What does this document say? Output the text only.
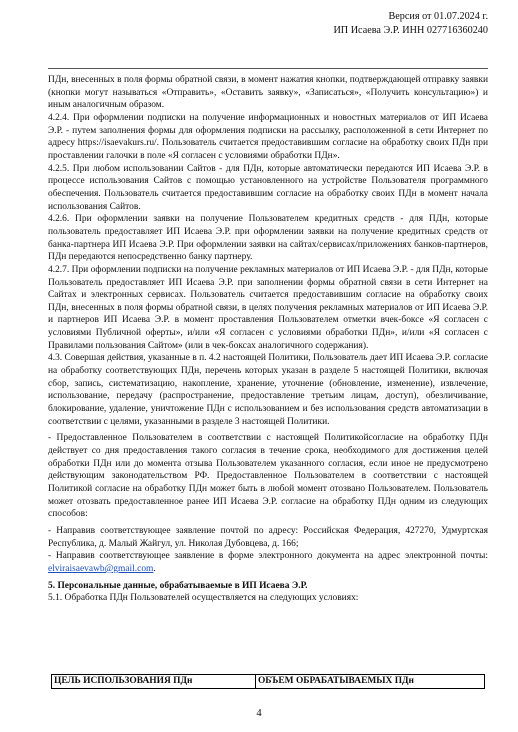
Версия от 01.07.2024 г.
ИП Исаева Э.Р. ИНН 027716360240

ПДн, внесенных в поля формы обратной связи, в момент нажатия кнопки, подтверждающей отправку заявки (кнопки могут называться «Отправить», «Оставить заявку», «Записаться», «Получить консультацию») и иным аналогичным образом.

4.2.4. При оформлении подписки на получение информационных и новостных материалов от ИП Исаева Э.Р. - путем заполнения формы для оформления подписки на рассылку, расположенной в сети Интернет по адресу https://isaevakurs.ru/. Пользователь считается предоставившим согласие на обработку своих ПДн при проставлении галочки в поле «Я согласен с условиями обработки ПДн».

4.2.5. При любом использовании Сайтов - для ПДн, которые автоматически передаются ИП Исаева Э.Р. в процессе использования Сайтов с помощью установленного на устройстве Пользователя программного обеспечения. Пользователь считается предоставившим согласие на обработку своих ПДн в момент начала использования Сайтов.

4.2.6. При оформлении заявки на получение Пользователем кредитных средств - для ПДн, которые пользователь предоставляет ИП Исаева Э.Р. при оформлении заявки на получение кредитных средств от банка-партнера ИП Исаева Э.Р. При оформлении заявки на сайтах/сервисах/приложениях банков-партнеров, ПДн передаются непосредственно банку партнеру.

4.2.7. При оформлении подписки на получение рекламных материалов от ИП Исаева Э.Р. - для ПДн, которые Пользователь предоставляет ИП Исаева Э.Р. при заполнении формы обратной связи в сети Интернет на Сайтах и электронных сервисах. Пользователь считается предоставившим согласие на обработку своих ПДн, внесенных в поля формы обратной связи, в целях получения рекламных материалов от ИП Исаева Э.Р. и партнеров ИП Исаева Э.Р. в момент проставления Пользователем отметки вчек-боксе «Я согласен с условиями Публичной оферты», и/или «Я согласен с условиями обработки ПДн», и/или «Я согласен с Правилами пользования Сайтом» (или в чек-боксах аналогичного содержания).

4.3. Совершая действия, указанные в п. 4.2 настоящей Политики, Пользователь дает ИП Исаева Э.Р. согласие на обработку соответствующих ПДн, перечень которых указан в разделе 5 настоящей Политики, включая сбор, запись, систематизацию, накопление, хранение, уточнение (обновление, изменение), извлечение, использование, передачу (распространение, предоставление третьим лицам, доступ), обезличивание, блокирование, удаление, уничтожение ПДн с использованием и без использования средств автоматизации в соответствии с целями, указанными в разделе 3 настоящей Политики.

- Предоставленное Пользователем в соответствии с настоящей Политикойсогласие на обработку ПДн действует со дня предоставления такого согласия в течение срока, необходимого для достижения целей обработки ПДн или до момента отзыва Пользователем указанного согласия, если иное не предусмотрено действующим законодательством РФ. Предоставленное Пользователем в соответствии с настоящей Политикой согласие на обработку ПДн может быть в любой момент отозвано Пользователем. Пользователь может отозвать предоставленное ранее ИП Исаева Э.Р. согласие на обработку ПДн одним из следующих способов:

- Направив соответствующее заявление почтой по адресу: Российская Федерация, 427270, Удмуртская Республика, д. Малый Жайгул, ул. Николая Дубовцева, д. 166;

- Направив соответствующее заявление в форме электронного документа на адрес электронной почты: elviraisaevawb@gmail.com.

5. Персональные данные, обрабатываемые в ИП Исаева Э.Р.

5.1. Обработка ПДн Пользователей осуществляется на следующих условиях:

ЦЕЛЬ ИСПОЛЬЗОВАНИЯ ПДн	ОБЪЕМ ОБРАБАТЫВАЕМЫХ ПДн
4
